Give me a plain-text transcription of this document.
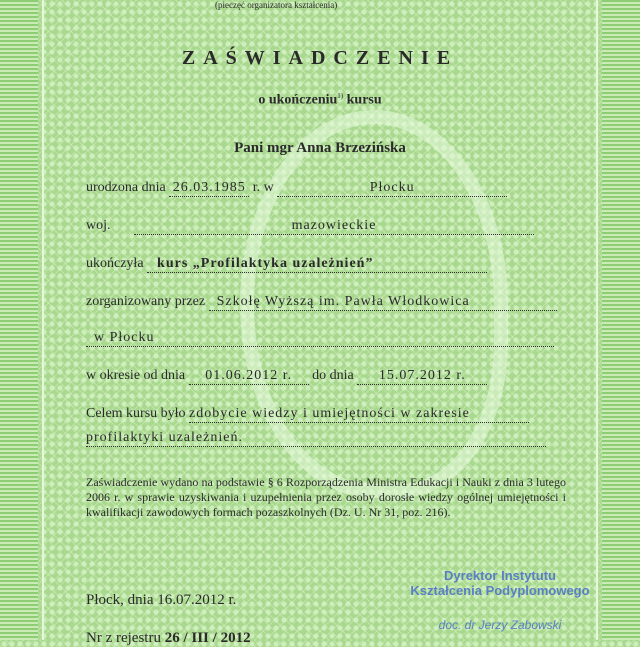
(pieczęć organizatora kształcenia)
ZAŚWIADCZENIE
o ukończeniu$^{1)}$ kursu
Pani mgr Anna Brzezińska
urodzona dnia 26.03.1985 r. w	Płocku
woj.	mazowieckie
ukończyła kurs „Profilaktyka uzależnień”
zorganizowany przez Szkołę Wyższą im. Pawła Włodkowica
w Płocku
w okresie od dnia 01.06.2012 r. do dnia 15.07.2012 r.
Celem kursu było zdobycie wiedzy i umiejętności w zakresie
profilaktyki uzależnień.
Zaświadczenie wydano na podstawie § 6 Rozporządzenia Ministra Edukacji i Nauki z dnia 3 lutego 2006 r. w sprawie uzyskiwania i uzupełnienia przez osoby dorosłe wiedzy ogólnej umiejętności i kwalifikacji zawodowych formach pozaszkolnych (Dz. U. Nr 31, poz. 216).
Płock, dnia 16.07.2012 r.
Nr z rejestru 26 / III / 2012
Dyrektor Instytutu
Kształcenia Podyplomowego
doc. dr Jerzy Zabowski
